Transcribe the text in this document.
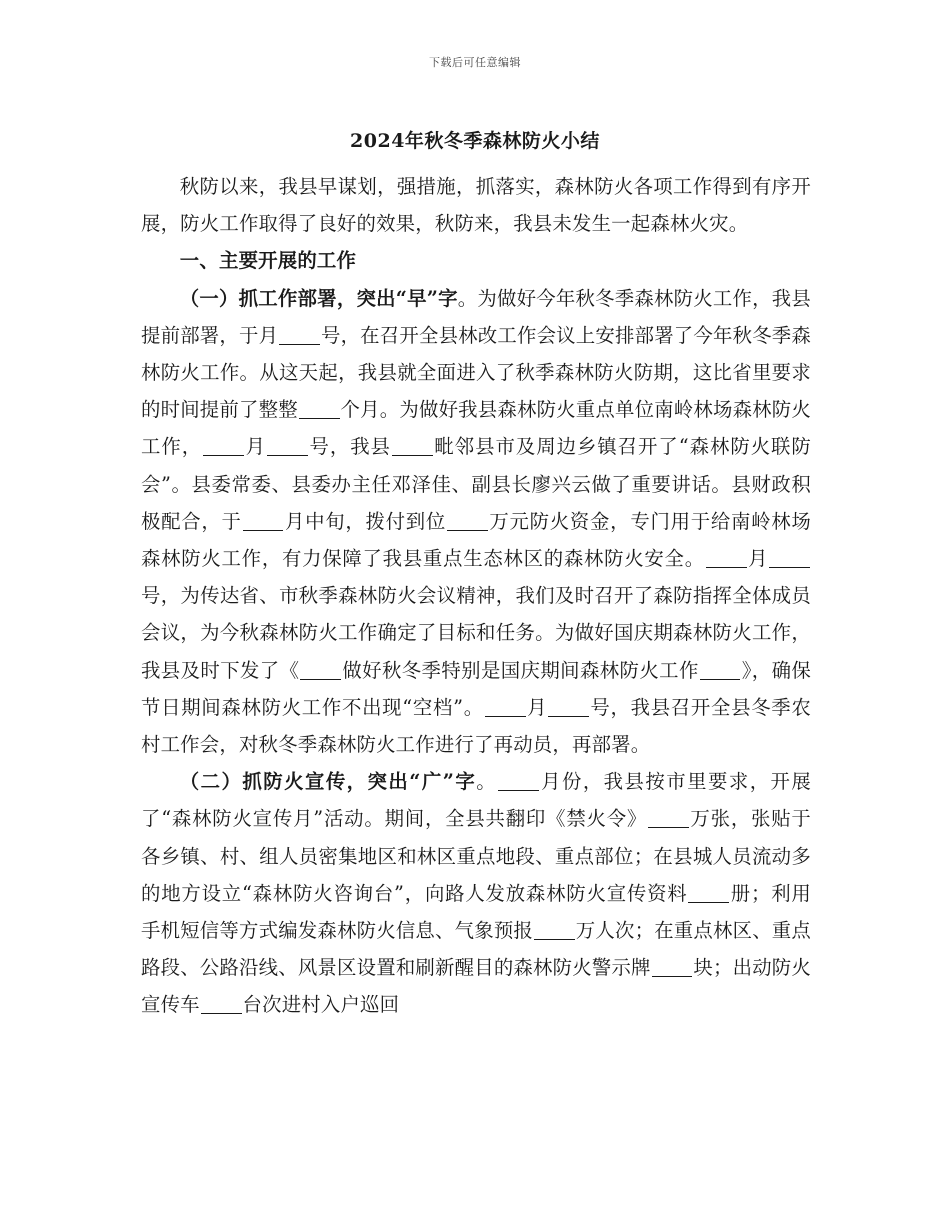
下载后可任意编辑
2024年秋冬季森林防火小结

秋防以来，我县早谋划，强措施，抓落实，森林防火各项工作得到有序开展，防火工作取得了良好的效果，秋防来，我县未发生一起森林火灾。

一、主要开展的工作

（一）抓工作部署，突出“早”字。为做好今年秋冬季森林防火工作，我县提前部署，于月 号，在召开全县林改工作会议上安排部署了今年秋冬季森林防火工作。从这天起，我县就全面进入了秋季森林防火防期，这比省里要求的时间提前了整整 个月。为做好我县森林防火重点单位南岭林场森林防火工作， 月 号，我县 毗邻县市及周边乡镇召开了“森林防火联防会”。县委常委、县委办主任邓泽佳、副县长廖兴云做了重要讲话。县财政积极配合，于 月中旬，拨付到位 万元防火资金，专门用于给南岭林场森林防火工作，有力保障了我县重点生态林区的森林防火安全。 月号，为传达省、市秋季森林防火会议精神，我们及时召开了森防指挥全体成员会议，为今秋森林防火工作确定了目标和任务。为做好国庆期森林防火工作，我县及时下发了《 做好秋冬季特别是国庆期间森林防火工作 》，确保节日期间森林防火工作不出现“空档”。 月 号，我县召开全县冬季农村工作会，对秋冬季森林防火工作进行了再动员，再部署。

（二）抓防火宣传，突出“广”字。 月份，我县按市里要求，开展了“森林防火宣传月”活动。期间，全县共翻印《禁火令》 万张，张贴于各乡镇、村、组人员密集地区和林区重点地段、重点部位；在县城人员流动多的地方设立“森林防火咨询台”，向路人发放森林防火宣传资料 册；利用手机短信等方式编发森林防火信息、气象预报 万人次；在重点林区、重点路段、公路沿线、风景区设置和刷新醒目的森林防火警示牌 块；出动防火宣传车 台次进村入户巡回
